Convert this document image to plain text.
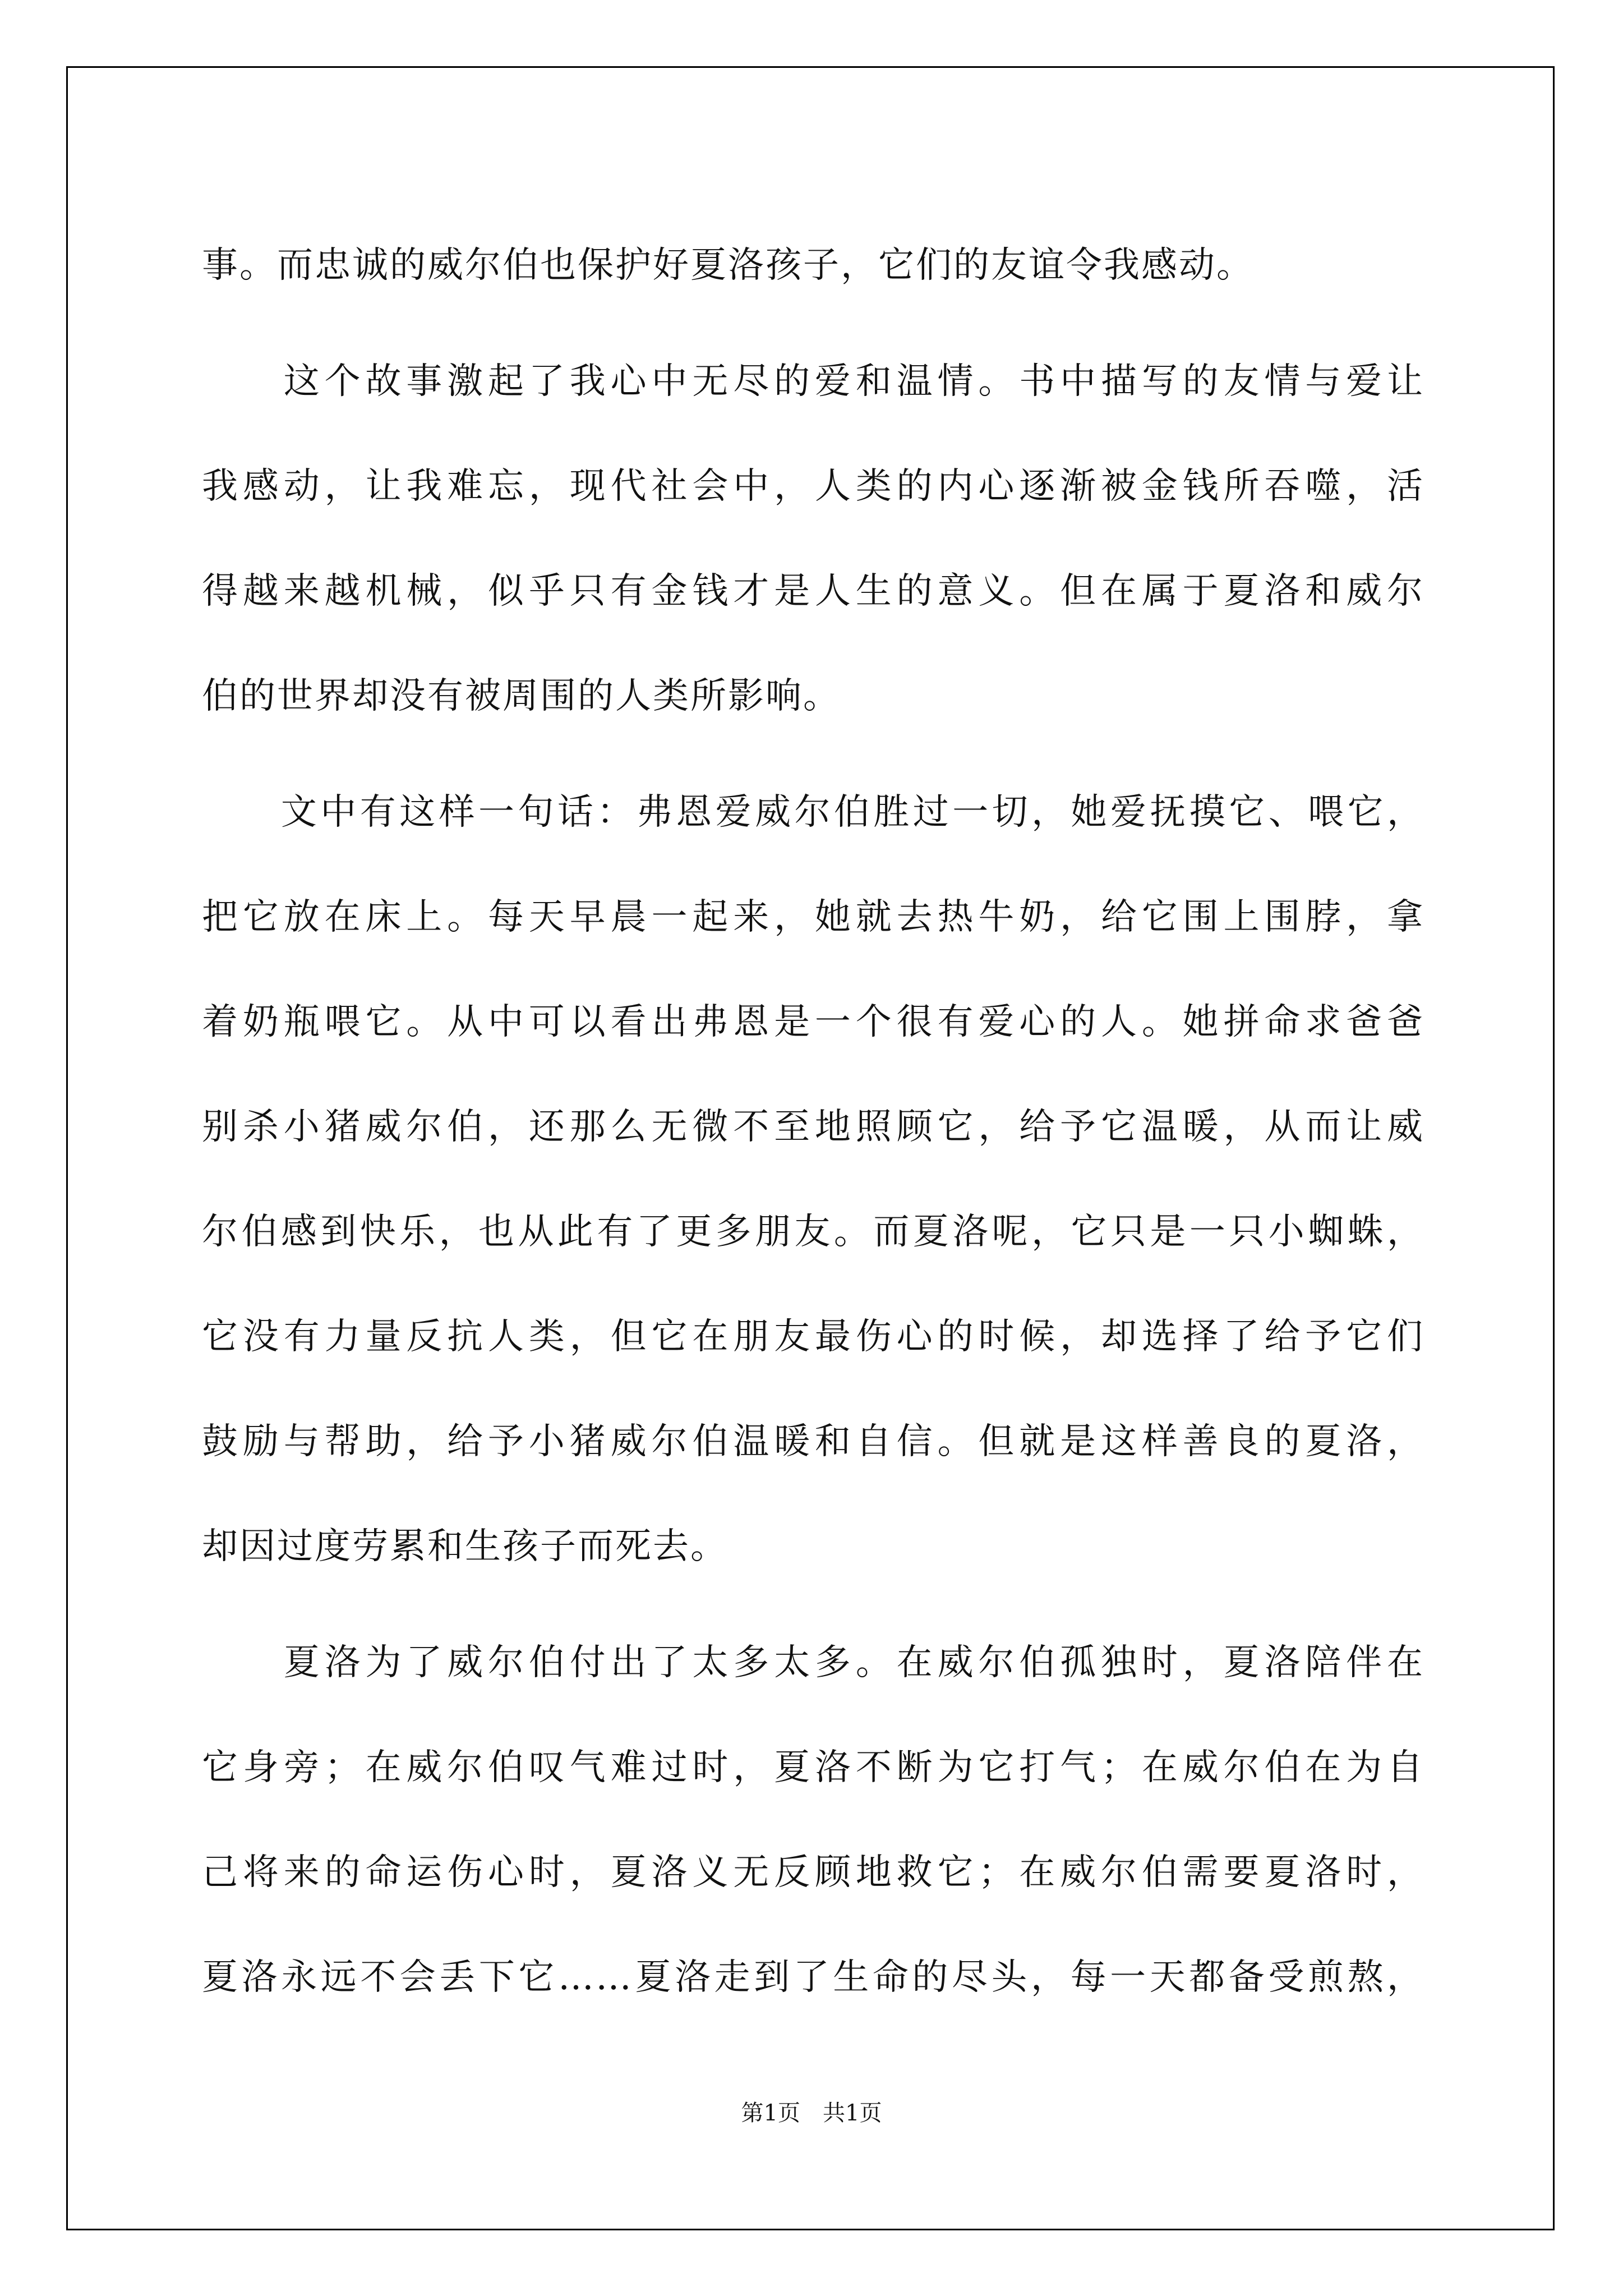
事。而忠诚的威尔伯也保护好夏洛孩子，它们的友谊令我感动。
　　这个故事激起了我心中无尽的爱和温情。书中描写的友情与爱让
我感动，让我难忘，现代社会中，人类的内心逐渐被金钱所吞噬，活
得越来越机械，似乎只有金钱才是人生的意义。但在属于夏洛和威尔
伯的世界却没有被周围的人类所影响。
　　文中有这样一句话：弗恩爱威尔伯胜过一切，她爱抚摸它、喂它，
把它放在床上。每天早晨一起来，她就去热牛奶，给它围上围脖，拿
着奶瓶喂它。从中可以看出弗恩是一个很有爱心的人。她拼命求爸爸
别杀小猪威尔伯，还那么无微不至地照顾它，给予它温暖，从而让威
尔伯感到快乐，也从此有了更多朋友。而夏洛呢，它只是一只小蜘蛛，
它没有力量反抗人类，但它在朋友最伤心的时候，却选择了给予它们
鼓励与帮助，给予小猪威尔伯温暖和自信。但就是这样善良的夏洛，
却因过度劳累和生孩子而死去。
　　夏洛为了威尔伯付出了太多太多。在威尔伯孤独时，夏洛陪伴在
它身旁；在威尔伯叹气难过时，夏洛不断为它打气；在威尔伯在为自
己将来的命运伤心时，夏洛义无反顾地救它；在威尔伯需要夏洛时，
夏洛永远不会丢下它……夏洛走到了生命的尽头，每一天都备受煎熬，
第1页　共1页
